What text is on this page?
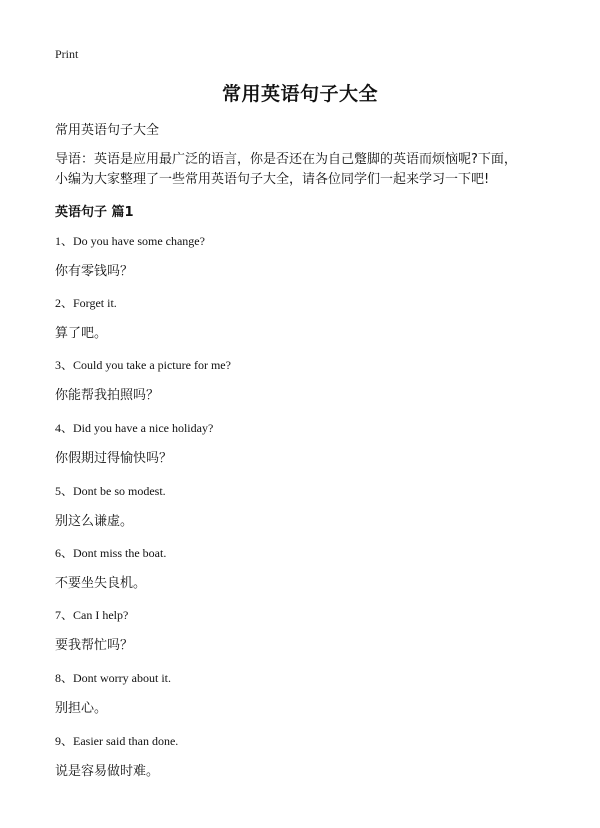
Print
常用英语句子大全
常用英语句子大全
导语：英语是应用最广泛的语言，你是否还在为自己蹩脚的英语而烦恼呢?下面，
小编为大家整理了一些常用英语句子大全，请各位同学们一起来学习一下吧!
英语句子 篇1
1、Do you have some change?
你有零钱吗？
2、Forget it.
算了吧。
3、Could you take a picture for me?
你能帮我拍照吗？
4、Did you have a nice holiday?
你假期过得愉快吗？
5、Dont be so modest.
别这么谦虚。
6、Dont miss the boat.
不要坐失良机。
7、Can I help?
要我帮忙吗？
8、Dont worry about it.
别担心。
9、Easier said than done.
说是容易做时难。
